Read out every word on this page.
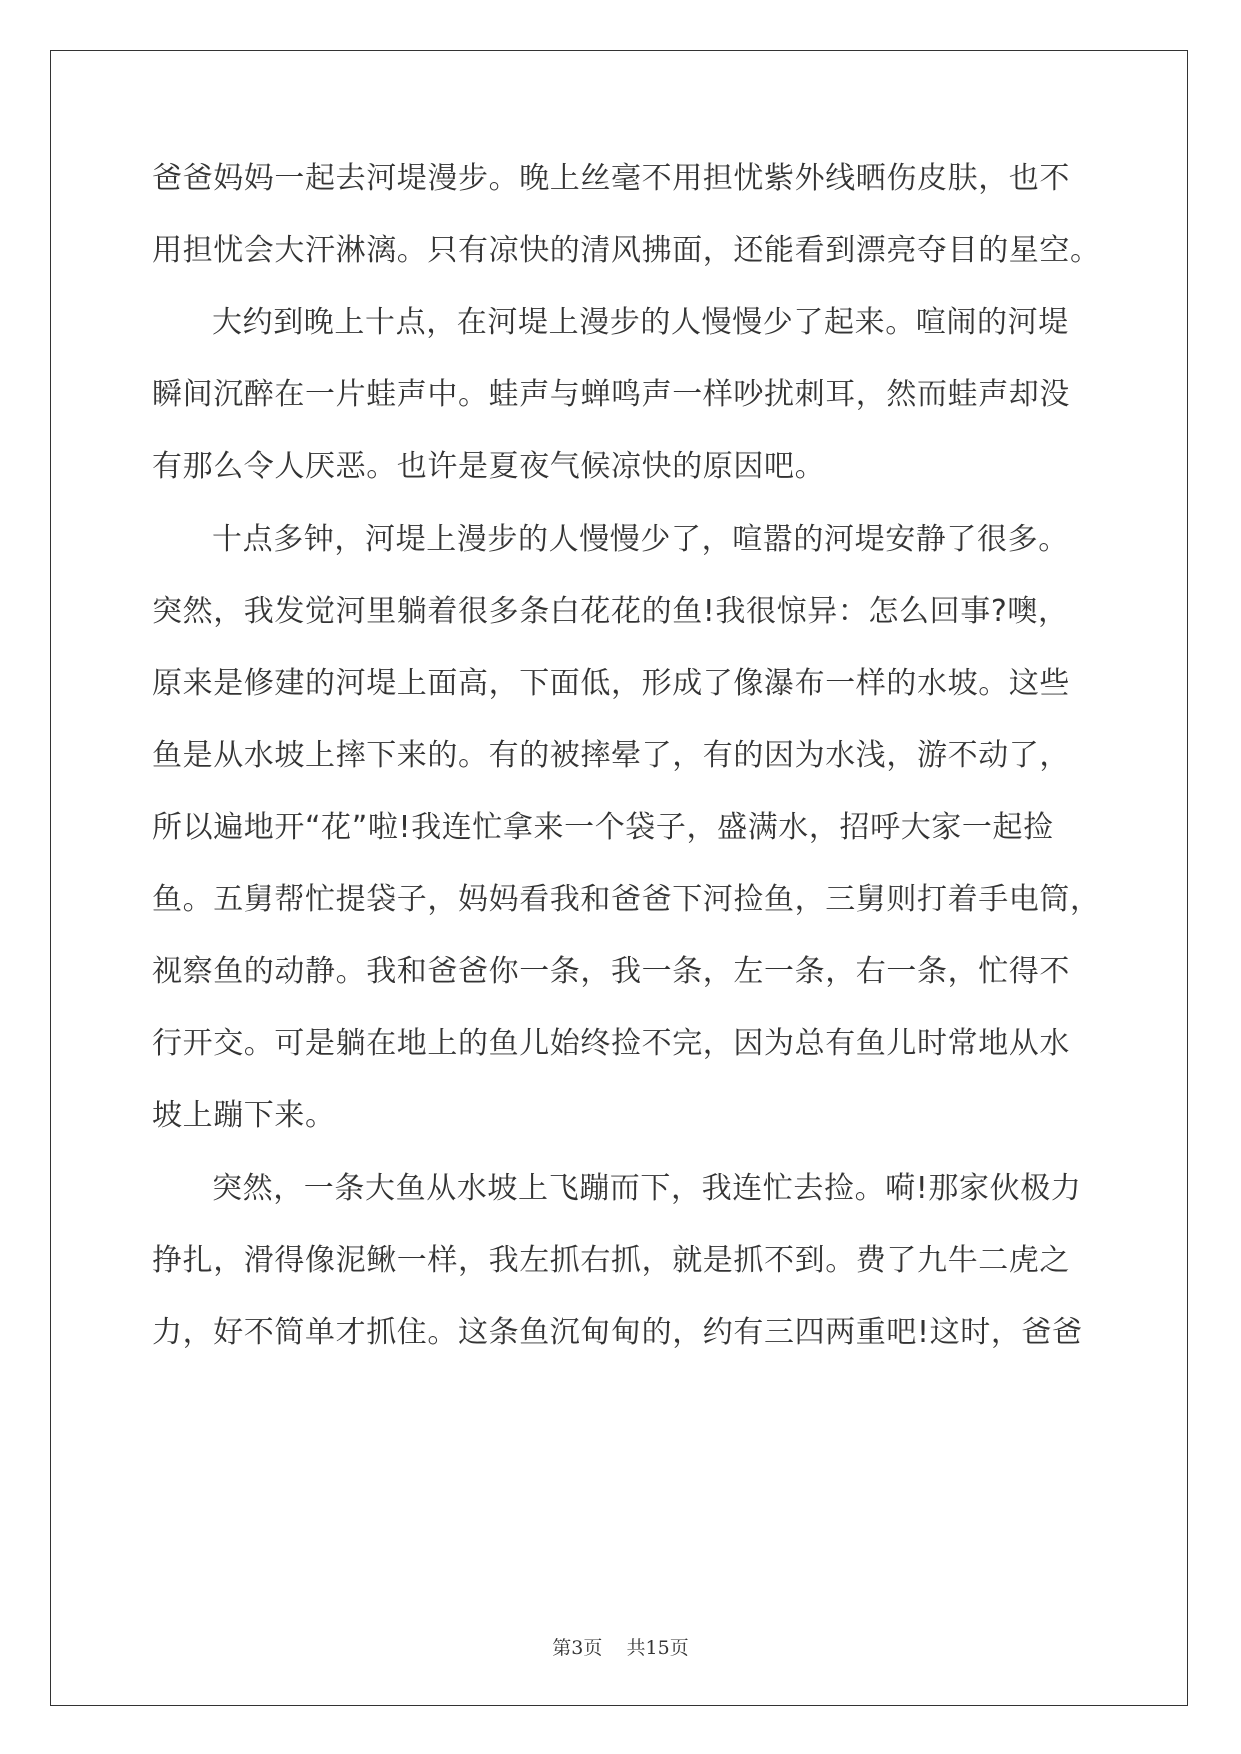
爸爸妈妈一起去河堤漫步。晚上丝毫不用担忧紫外线晒伤皮肤，也不
用担忧会大汗淋漓。只有凉快的清风拂面，还能看到漂亮夺目的星空。
大约到晚上十点，在河堤上漫步的人慢慢少了起来。喧闹的河堤
瞬间沉醉在一片蛙声中。蛙声与蝉鸣声一样吵扰刺耳，然而蛙声却没
有那么令人厌恶。也许是夏夜气候凉快的原因吧。
十点多钟，河堤上漫步的人慢慢少了，喧嚣的河堤安静了很多。
突然，我发觉河里躺着很多条白花花的鱼!我很惊异：怎么回事?噢，
原来是修建的河堤上面高，下面低，形成了像瀑布一样的水坡。这些
鱼是从水坡上摔下来的。有的被摔晕了，有的因为水浅，游不动了，
所以遍地开“花”啦!我连忙拿来一个袋子，盛满水，招呼大家一起捡
鱼。五舅帮忙提袋子，妈妈看我和爸爸下河捡鱼，三舅则打着手电筒，
视察鱼的动静。我和爸爸你一条，我一条，左一条，右一条，忙得不
行开交。可是躺在地上的鱼儿始终捡不完，因为总有鱼儿时常地从水
坡上蹦下来。
突然，一条大鱼从水坡上飞蹦而下，我连忙去捡。嗬!那家伙极力
挣扎，滑得像泥鳅一样，我左抓右抓，就是抓不到。费了九牛二虎之
力，好不简单才抓住。这条鱼沉甸甸的，约有三四两重吧!这时，爸爸
第3页 共15页
